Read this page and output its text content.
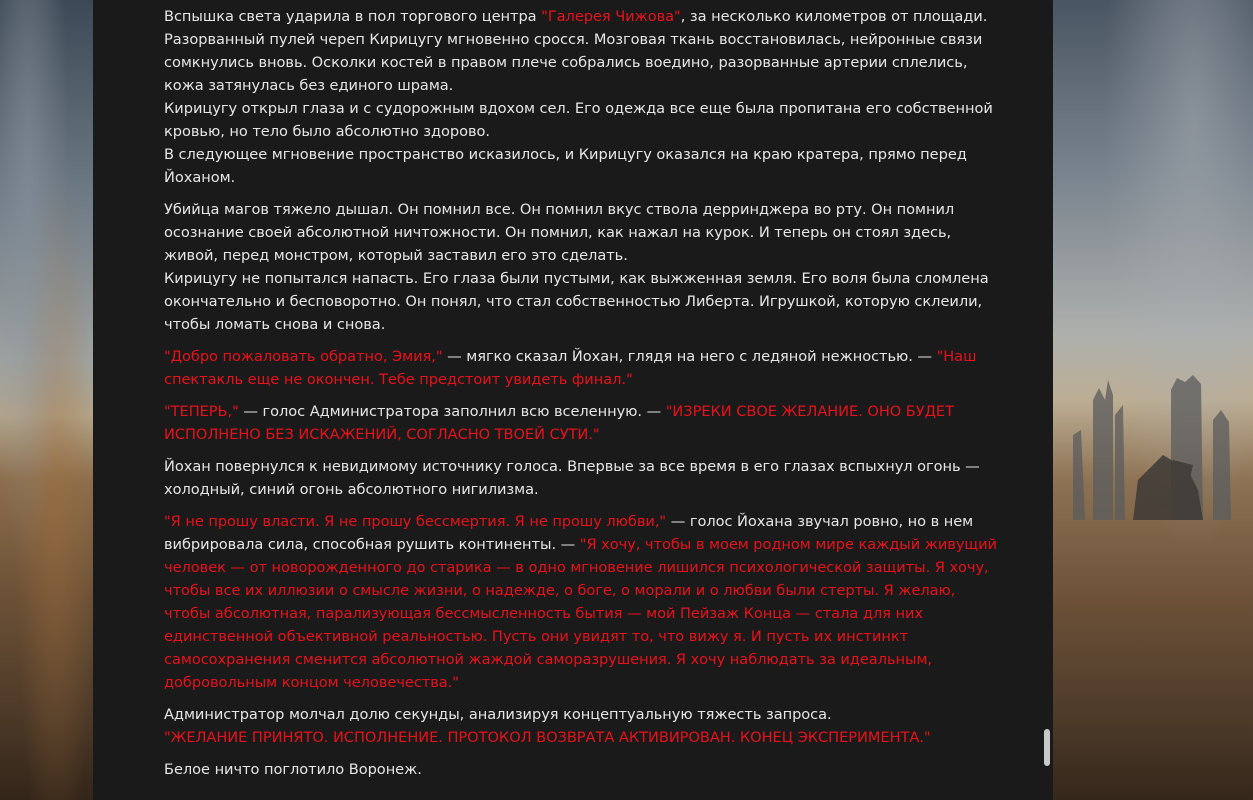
Вспышка света ударила в пол торгового центра "Галерея Чижова", за несколько километров от площади.
Разорванный пулей череп Кирицугу мгновенно сросся. Мозговая ткань восстановилась, нейронные связи сомкнулись вновь. Осколки костей в правом плече собрались воедино, разорванные артерии сплелись, кожа затянулась без единого шрама.
Кирицугу открыл глаза и с судорожным вдохом сел. Его одежда все еще была пропитана его собственной кровью, но тело было абсолютно здорово.
В следующее мгновение пространство исказилось, и Кирицугу оказался на краю кратера, прямо перед Йоханом.

Убийца магов тяжело дышал. Он помнил все. Он помнил вкус ствола дерринджера во рту. Он помнил осознание своей абсолютной ничтожности. Он помнил, как нажал на курок. И теперь он стоял здесь, живой, перед монстром, который заставил его это сделать.
Кирицугу не попытался напасть. Его глаза были пустыми, как выжженная земля. Его воля была сломлена окончательно и бесповоротно. Он понял, что стал собственностью Либерта. Игрушкой, которую склеили, чтобы ломать снова и снова.

"Добро пожаловать обратно, Эмия," — мягко сказал Йохан, глядя на него с ледяной нежностью. — "Наш спектакль еще не окончен. Тебе предстоит увидеть финал."

"ТЕПЕРЬ," — голос Администратора заполнил всю вселенную. — "ИЗРЕКИ СВОЕ ЖЕЛАНИЕ. ОНО БУДЕТ ИСПОЛНЕНО БЕЗ ИСКАЖЕНИЙ, СОГЛАСНО ТВОЕЙ СУТИ."

Йохан повернулся к невидимому источнику голоса. Впервые за все время в его глазах вспыхнул огонь — холодный, синий огонь абсолютного нигилизма.

"Я не прошу власти. Я не прошу бессмертия. Я не прошу любви," — голос Йохана звучал ровно, но в нем вибрировала сила, способная рушить континенты. — "Я хочу, чтобы в моем родном мире каждый живущий человек — от новорожденного до старика — в одно мгновение лишился психологической защиты. Я хочу, чтобы все их иллюзии о смысле жизни, о надежде, о боге, о морали и о любви были стерты. Я желаю, чтобы абсолютная, парализующая бессмысленность бытия — мой Пейзаж Конца — стала для них единственной объективной реальностью. Пусть они увидят то, что вижу я. И пусть их инстинкт самосохранения сменится абсолютной жаждой саморазрушения. Я хочу наблюдать за идеальным, добровольным концом человечества."

Администратор молчал долю секунды, анализируя концептуальную тяжесть запроса.
"ЖЕЛАНИЕ ПРИНЯТО. ИСПОЛНЕНИЕ. ПРОТОКОЛ ВОЗВРАТА АКТИВИРОВАН. КОНЕЦ ЭКСПЕРИМЕНТА."

Белое ничто поглотило Воронеж.
